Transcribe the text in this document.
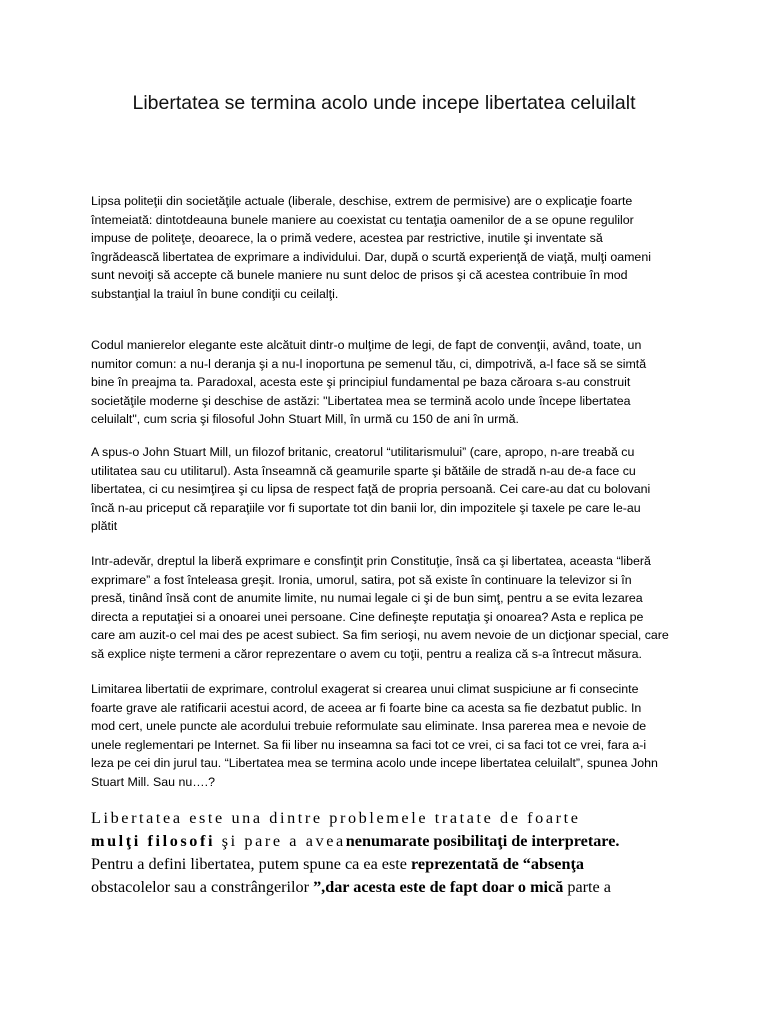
Libertatea se termina acolo unde incepe libertatea celuilalt
Lipsa politeţii din societăţile actuale (liberale, deschise, extrem de permisive) are o explicaţie foarte
întemeiată: dintotdeauna bunele maniere au coexistat cu tentaţia oamenilor de a se opune regulilor
impuse de politeţe, deoarece, la o primă vedere, acestea par restrictive, inutile şi inventate să
îngrădească libertatea de exprimare a individului. Dar, după o scurtă experienţă de viaţă, mulţi oameni
sunt nevoiţi să accepte că bunele maniere nu sunt deloc de prisos şi că acestea contribuie în mod
substanţial la traiul în bune condiţii cu ceilalţi.
Codul manierelor elegante este alcătuit dintr-o mulţime de legi, de fapt de convenţii, având, toate, un
numitor comun: a nu-l deranja şi a nu-l inoportuna pe semenul tău, ci, dimpotrivă, a-l face să se simtă
bine în preajma ta. Paradoxal, acesta este şi principiul fundamental pe baza căroara s-au construit
societăţile moderne şi deschise de astăzi: "Libertatea mea se termină acolo unde începe libertatea
celuilalt", cum scria şi filosoful John Stuart Mill, în urmă cu 150 de ani în urmă.
A spus-o John Stuart Mill, un filozof britanic, creatorul “utilitarismului” (care, apropo, n-are treabă cu
utilitatea sau cu utilitarul). Asta înseamnă că geamurile sparte şi bătăile de stradă n-au de-a face cu
libertatea, ci cu nesimţirea şi cu lipsa de respect faţă de propria persoană. Cei care-au dat cu bolovani
încă n-au priceput că reparaţiile vor fi suportate tot din banii lor, din impozitele şi taxele pe care le-au
plătit
Intr-adevăr, dreptul la liberă exprimare e consfinţit prin Constituţie, însă ca şi libertatea, aceasta “liberă
exprimare” a fost înteleasa greşit. Ironia, umorul, satira, pot să existe în continuare la televizor si în
presă, tinând însă cont de anumite limite, nu numai legale ci şi de bun simţ, pentru a se evita lezarea
directa a reputaţiei si a onoarei unei persoane. Cine defineşte reputaţia şi onoarea? Asta e replica pe
care am auzit-o cel mai des pe acest subiect. Sa fim serioşi, nu avem nevoie de un dicţionar special, care
să explice nişte termeni a căror reprezentare o avem cu toţii, pentru a realiza că s-a întrecut măsura.
Limitarea libertatii de exprimare, controlul exagerat si crearea unui climat suspiciune ar fi consecinte
foarte grave ale ratificarii acestui acord, de aceea ar fi foarte bine ca acesta sa fie dezbatut public. In
mod cert, unele puncte ale acordului trebuie reformulate sau eliminate. Insa parerea mea e nevoie de
unele reglementari pe Internet. Sa fii liber nu inseamna sa faci tot ce vrei, ci sa faci tot ce vrei, fara a-i
leza pe cei din jurul tau. “Libertatea mea se termina acolo unde incepe libertatea celuilalt”, spunea John
Stuart Mill. Sau nu….?
Libertatea este una dintre problemele tratate de foarte
mulţi filosofi şi pare a aveanenumarate posibilitaţi de interpretare.
Pentru a defini libertatea, putem spune ca ea este reprezentată de “absenţa
obstacolelor sau a constrângerilor ”,dar acesta este de fapt doar o mică parte a
